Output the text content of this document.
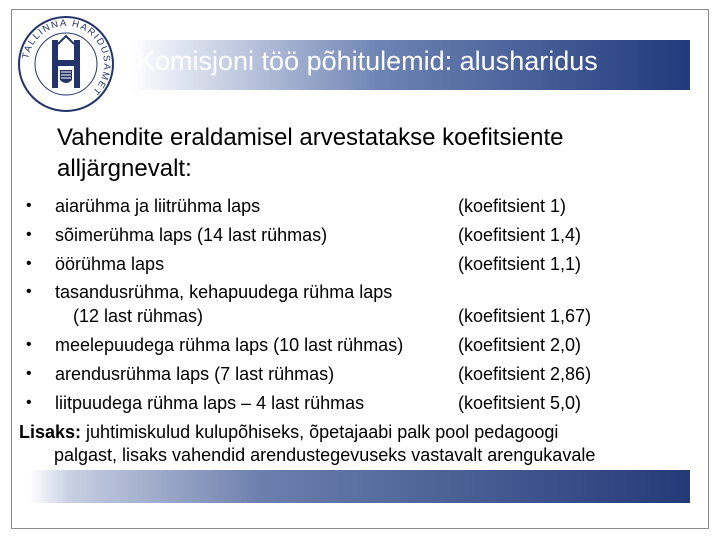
TALLINNA HARIDUSAMET
Komisjoni töö põhitulemid: alusharidus
Vahendite eraldamisel arvestatakse koefitsiente
alljärgnevalt:
• aiarühma ja liitrühma laps	(koefitsient 1)
• sõimerühma laps (14 last rühmas)	(koefitsient 1,4)
• öörühma laps	(koefitsient 1,1)
• tasandusrühma, kehapuudega rühma laps
(12 last rühmas)	(koefitsient 1,67)
• meelepuudega rühma laps (10 last rühmas)	(koefitsient 2,0)
• arendusrühma laps (7 last rühmas)	(koefitsient 2,86)
• liitpuudega rühma laps – 4 last rühmas	(koefitsient 5,0)
Lisaks: juhtimiskulud kulupõhiseks, õpetajaabi palk pool pedagoogi
palgast, lisaks vahendid arendustegevuseks vastavalt arengukavale
